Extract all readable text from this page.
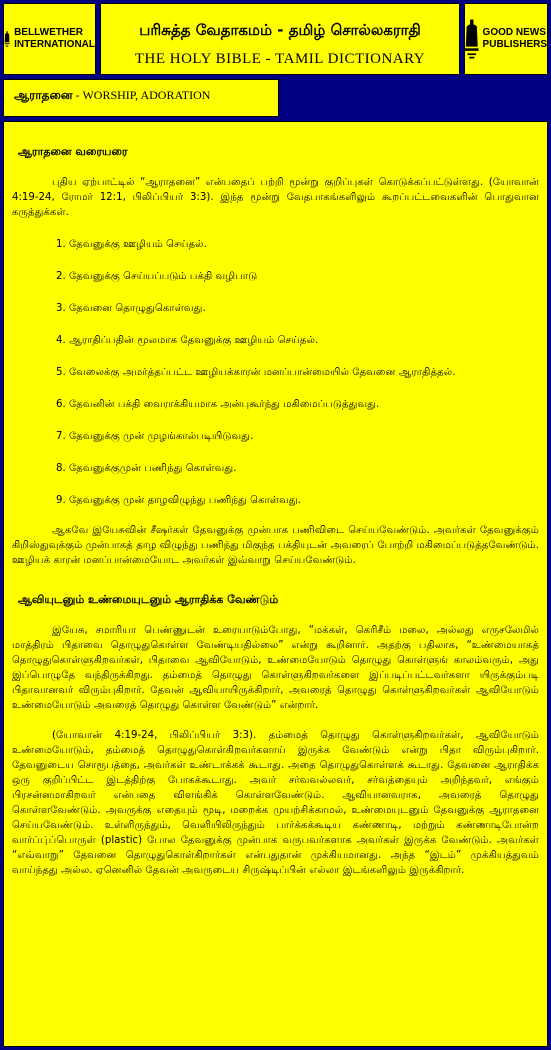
BELLWETHER
INTERNATIONAL
பரிசுத்த வேதாகமம் - தமிழ் சொல்லகராதி
THE HOLY BIBLE - TAMIL DICTIONARY
GOOD NEWS
PUBLISHERS
ஆராதனை - WORSHIP, ADORATION
ஆராதனை வரையரை

புதிய ஏற்பாட்டில் “ஆராதனை” என்பதைப் பற்றி மூன்று குறிப்புகள் கொடுக்கப்பட்டுள்ளது. (யோவான் 4:19-24, ரோமர் 12:1, பிலிப்பியர் 3:3). இந்த மூன்று வேதபாகங்களிலும் கூறப்பட்டவைகளின் பொதுவான கருத்துக்கள்.

1. தேவனுக்கு ஊழியம் செய்தல்.

2. தேவனுக்கு செய்யப்படும் பக்தி வழிபாடு

3. தேவனை தொழுதுகொள்வது.

4. ஆராதிப்பதின் மூலமாக தேவனுக்கு ஊழியம் செய்தல்.

5. வேலைக்கு அமர்த்தப்பட்ட ஊழியக்காரன் மனப்பான்மையில் தேவனை ஆராதித்தல்.

6. தேவனின் பக்தி வைராக்கியமாக அன்புகூர்ந்து மகிமைப்படுத்துவது.

7. தேவனுக்கு முன் முழங்கால்படியிடுவது.

8. தேவனுக்குமுன் பணிந்து கொள்வது.

9. தேவனுக்கு முன் தாழவிழுந்து பணிந்து கொள்வது.

ஆகவே இயேசுவின் சீஷர்கள் தேவனுக்கு முன்பாக பணிவிடை செய்யவேண்டும். அவர்கள் தேவனுக்கும் கிறிஸ்துவுக்கும் முன்பாகத் தாழ விழுந்து பணிந்து மிகுந்த பக்தியுடன் அவரைப் போற்றி மகிமைப்படுத்தவேண்டும். ஊழியக் காரன் மனப்பான்மையோட அவர்கள் இவ்வாறு செய்யவேண்டும்.

ஆவியுடனும் உண்மையுடனும் ஆராதிக்க வேண்டும்

இயேசு, சமாரியா பெண்ணுடன் உரையாடும்போது, “மக்கள், கெரிசீம் மலை, அல்லது எருசலேமில் மாத்திரம் பிதாவை தொழுதுகொள்ள வேண்டியதில்லை” என்று கூறினார். அதற்கு பதிலாக, “உண்மையாகத் தொழுதுகொள்ளுகிறவர்கள், பிதாவை ஆவியோடும், உண்மையோடும் தொழுது கொள்ளுங் காலம்வரும், அது இப்பொழுதே வந்திருக்கிறது. தம்மைத் தொழுது கொள்ளுகிறவர்களை இப்படிப்பட்டவர்களா யிருக்கும்படி பிதாவானவர் விரும்புகிறார். தேவன் ஆவியாயிருக்கிறார், அவரைத் தொழுது கொள்ளுகிறவர்கள் ஆவியோடும் உண்மையோடும் அவரைத் தொழுது கொள்ள வேண்டும்” என்றார்.

(யோவான் 4:19-24, பிலிப்பியர் 3:3). தம்மைத் தொழுது கொள்ளுகிறவர்கள், ஆவியோடும் உண்மையோடும், தம்மைத் தொழுதுகொள்கிறவர்களாய் இருக்க வேண்டும் என்று பிதா விரும்புகிறார். தேவனுடைய சொரூபத்தை, அவர்கள் உண்டாக்கக் கூடாது. அதை தொழுதுகொள்ளக் கூடாது. தேவனை ஆராதிக்க ஒரு குறிப்பிட்ட இடத்திற்கு போகக்கூடாது. அவர் சர்வவல்லவர், சர்வத்தையும் அறிந்தவர், எங்கும் பிரசன்னமாகிறவர் என்பதை விளங்கிக் கொள்ளவேண்டும். ஆவியானவராக, அவரைத் தொழுது கொள்ளவேண்டும். அவருக்கு எதையும் மூடி, மறைக்க முயற்சிக்காமல், உண்மையுடனும் தேவனுக்கு ஆராதனை செய்யவேண்டும். உள்ளிருந்தும், வெளியிலிருந்தும் பார்க்கக்கூடிய கண்ணாடி, மற்றும் கண்ணாடிபோன்ற வார்ப்பு்ப்பொருள் (plastic) போல தேவனுக்கு முன்பாக வருபவர்களாக அவர்கள் இருக்க வேண்டும். அவர்கள் “எவ்வாறு” தேவனை தொழுதுகொள்கிறார்கள் என்பதுதான் முக்கியமானது. அந்த “இடம்” முக்கியத்துவம் வாய்ந்தது அல்ல. ஏனெனில் தேவன் அவருடைய சிருஷ்டிப்பின் எல்லா இடங்களிலும் இருக்கிறார்.
